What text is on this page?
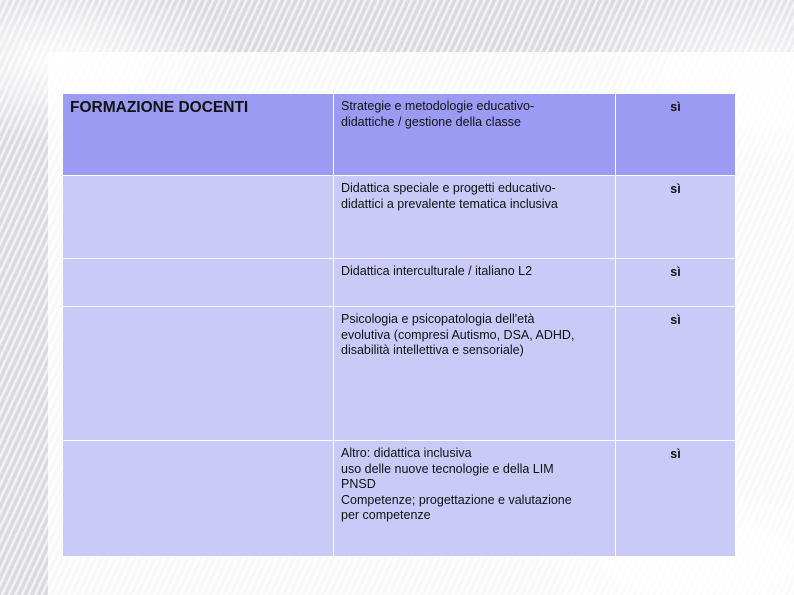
FORMAZIONE DOCENTI	Strategie e metodologie educativo-
didattiche / gestione della classe	sì

	Didattica speciale e progetti educativo-
didattici a prevalente tematica inclusiva	sì

	Didattica interculturale / italiano L2	sì

	Psicologia e psicopatologia dell'età
evolutiva (compresi Autismo, DSA, ADHD,
disabilità intellettiva e sensoriale)	sì

	Altro: didattica inclusiva
uso delle nuove tecnologie e della LIM
PNSD
Competenze; progettazione e valutazione
per competenze	sì
